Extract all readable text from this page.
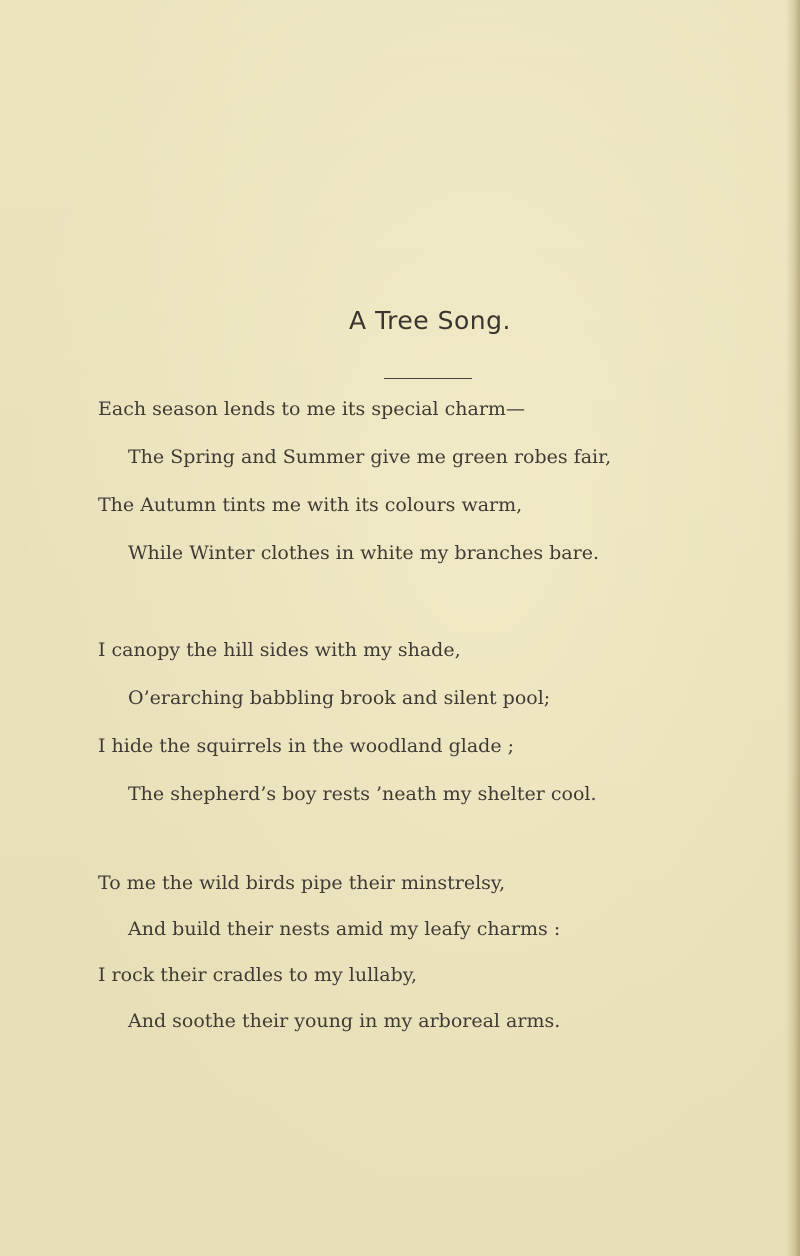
A Tree Song.
Each season lends to me its special charm—
The Spring and Summer give me green robes fair,
The Autumn tints me with its colours warm,
While Winter clothes in white my branches bare.
I canopy the hill sides with my shade,
O’erarching babbling brook and silent pool;
I hide the squirrels in the woodland glade ;
The shepherd’s boy rests ’neath my shelter cool.
To me the wild birds pipe their minstrelsy,
And build their nests amid my leafy charms :
I rock their cradles to my lullaby,
And soothe their young in my arboreal arms.
